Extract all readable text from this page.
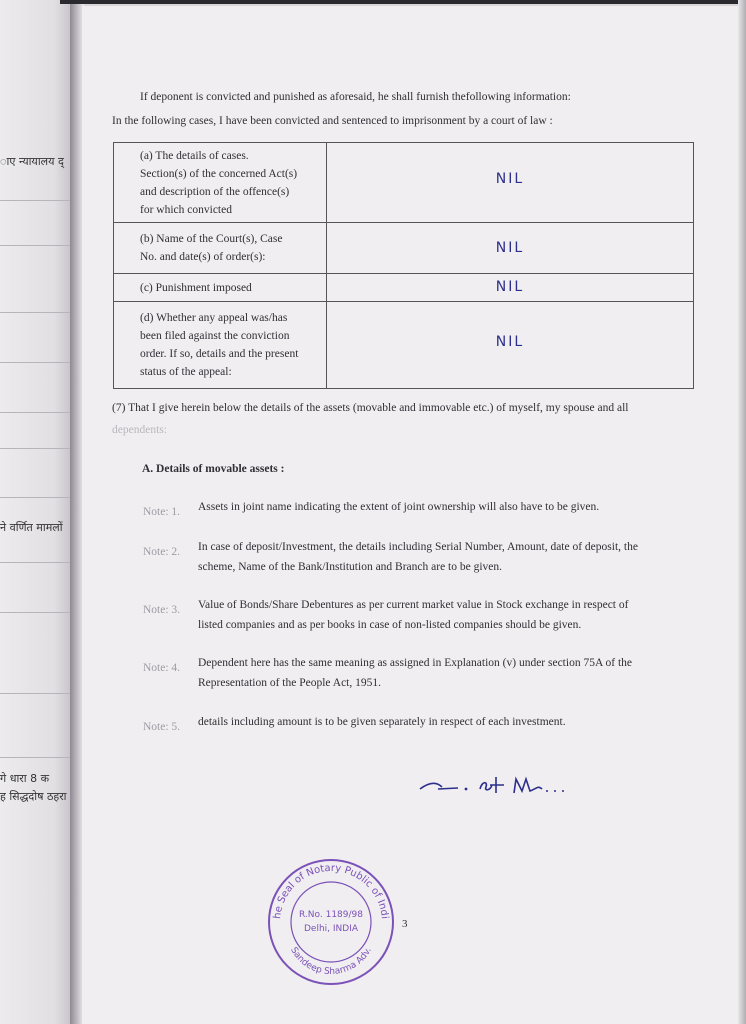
ाए न्यायालय द्
ने वर्णित मामलों
गे धारा 8 क
ह सिद्धदोष ठहरा
If deponent is convicted and punished as aforesaid, he shall furnish thefollowing information:
In the following cases, I have been convicted and sentenced to imprisonment by a court of law :
(a) The details of cases.
Section(s) of the concerned Act(s)
and description of the offence(s)
for which convicted	NIL

(b) Name of the Court(s), Case
No. and date(s) of order(s):	NIL

(c) Punishment imposed	NIL

(d) Whether any appeal was/has
been filed against the conviction
order. If so, details and the present
status of the appeal:	NIL
(7) That I give herein below the details of the assets (movable and immovable etc.) of myself, my spouse and all
dependents:
A. Details of movable assets :
Note: 1. Assets in joint name indicating the extent of joint ownership will also have to be given.
Note: 2. In case of deposit/Investment, the details including Serial Number, Amount, date of deposit, the
scheme, Name of the Bank/Institution and Branch are to be given.
Note: 3. Value of Bonds/Share Debentures as per current market value in Stock exchange in respect of
listed companies and as per books in case of non-listed companies should be given.
Note: 4. Dependent here has the same meaning as assigned in Explanation (v) under section 75A of the
Representation of the People Act, 1951.
Note: 5. details including amount is to be given separately in respect of each investment.
he Seal of Notary Public of Indi
Sandeep Sharma Adv.
R.No. 1189/98
Delhi, INDIA	3
